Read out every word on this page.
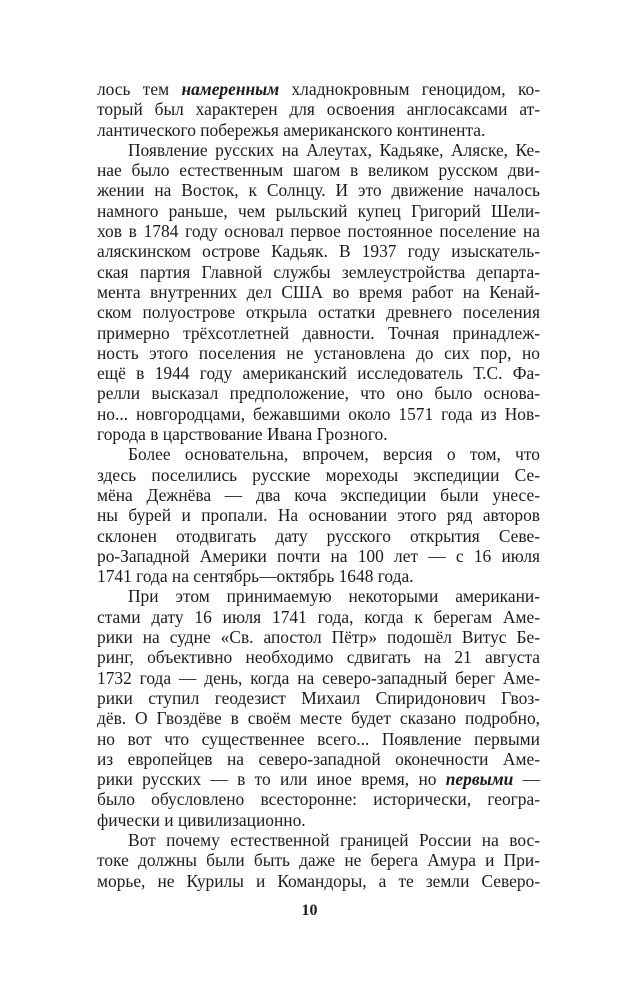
лось тем намеренным хладнокровным геноцидом, ко-
торый был характерен для освоения англосаксами ат-
лантического побережья американского континента.
Появление русских на Алеутах, Кадьяке, Аляске, Ке-
нае было естественным шагом в великом русском дви-
жении на Восток, к Солнцу. И это движение началось
намного раньше, чем рыльский купец Григорий Шели-
хов в 1784 году основал первое постоянное поселение на
аляскинском острове Кадьяк. В 1937 году изыскатель-
ская партия Главной службы землеустройства департа-
мента внутренних дел США во время работ на Кенай-
ском полуострове открыла остатки древнего поселения
примерно трёхсотлетней давности. Точная принадлеж-
ность этого поселения не установлена до сих пор, но
ещё в 1944 году американский исследователь Т.С. Фа-
релли высказал предположение, что оно было основа-
но... новгородцами, бежавшими около 1571 года из Нов-
города в царствование Ивана Грозного.
Более основательна, впрочем, версия о том, что
здесь поселились русские мореходы экспедиции Се-
мёна Дежнёва — два коча экспедиции были унесе-
ны бурей и пропали. На основании этого ряд авторов
склонен отодвигать дату русского открытия Севе-
ро-Западной Америки почти на 100 лет — с 16 июля
1741 года на сентябрь—октябрь 1648 года.
При этом принимаемую некоторыми американи-
стами дату 16 июля 1741 года, когда к берегам Аме-
рики на судне «Св. апостол Пётр» подошёл Витус Бе-
ринг, объективно необходимо сдвигать на 21 августа
1732 года — день, когда на северо-западный берег Аме-
рики ступил геодезист Михаил Спиридонович Гвоз-
дёв. О Гвоздёве в своём месте будет сказано подробно,
но вот что существеннее всего... Появление первыми
из европейцев на северо-западной оконечности Аме-
рики русских — в то или иное время, но первыми —
было обусловлено всесторонне: исторически, геогра-
фически и цивилизационно.
Вот почему естественной границей России на вос-
токе должны были быть даже не берега Амура и При-
морье, не Курилы и Командоры, а те земли Северо-
10
